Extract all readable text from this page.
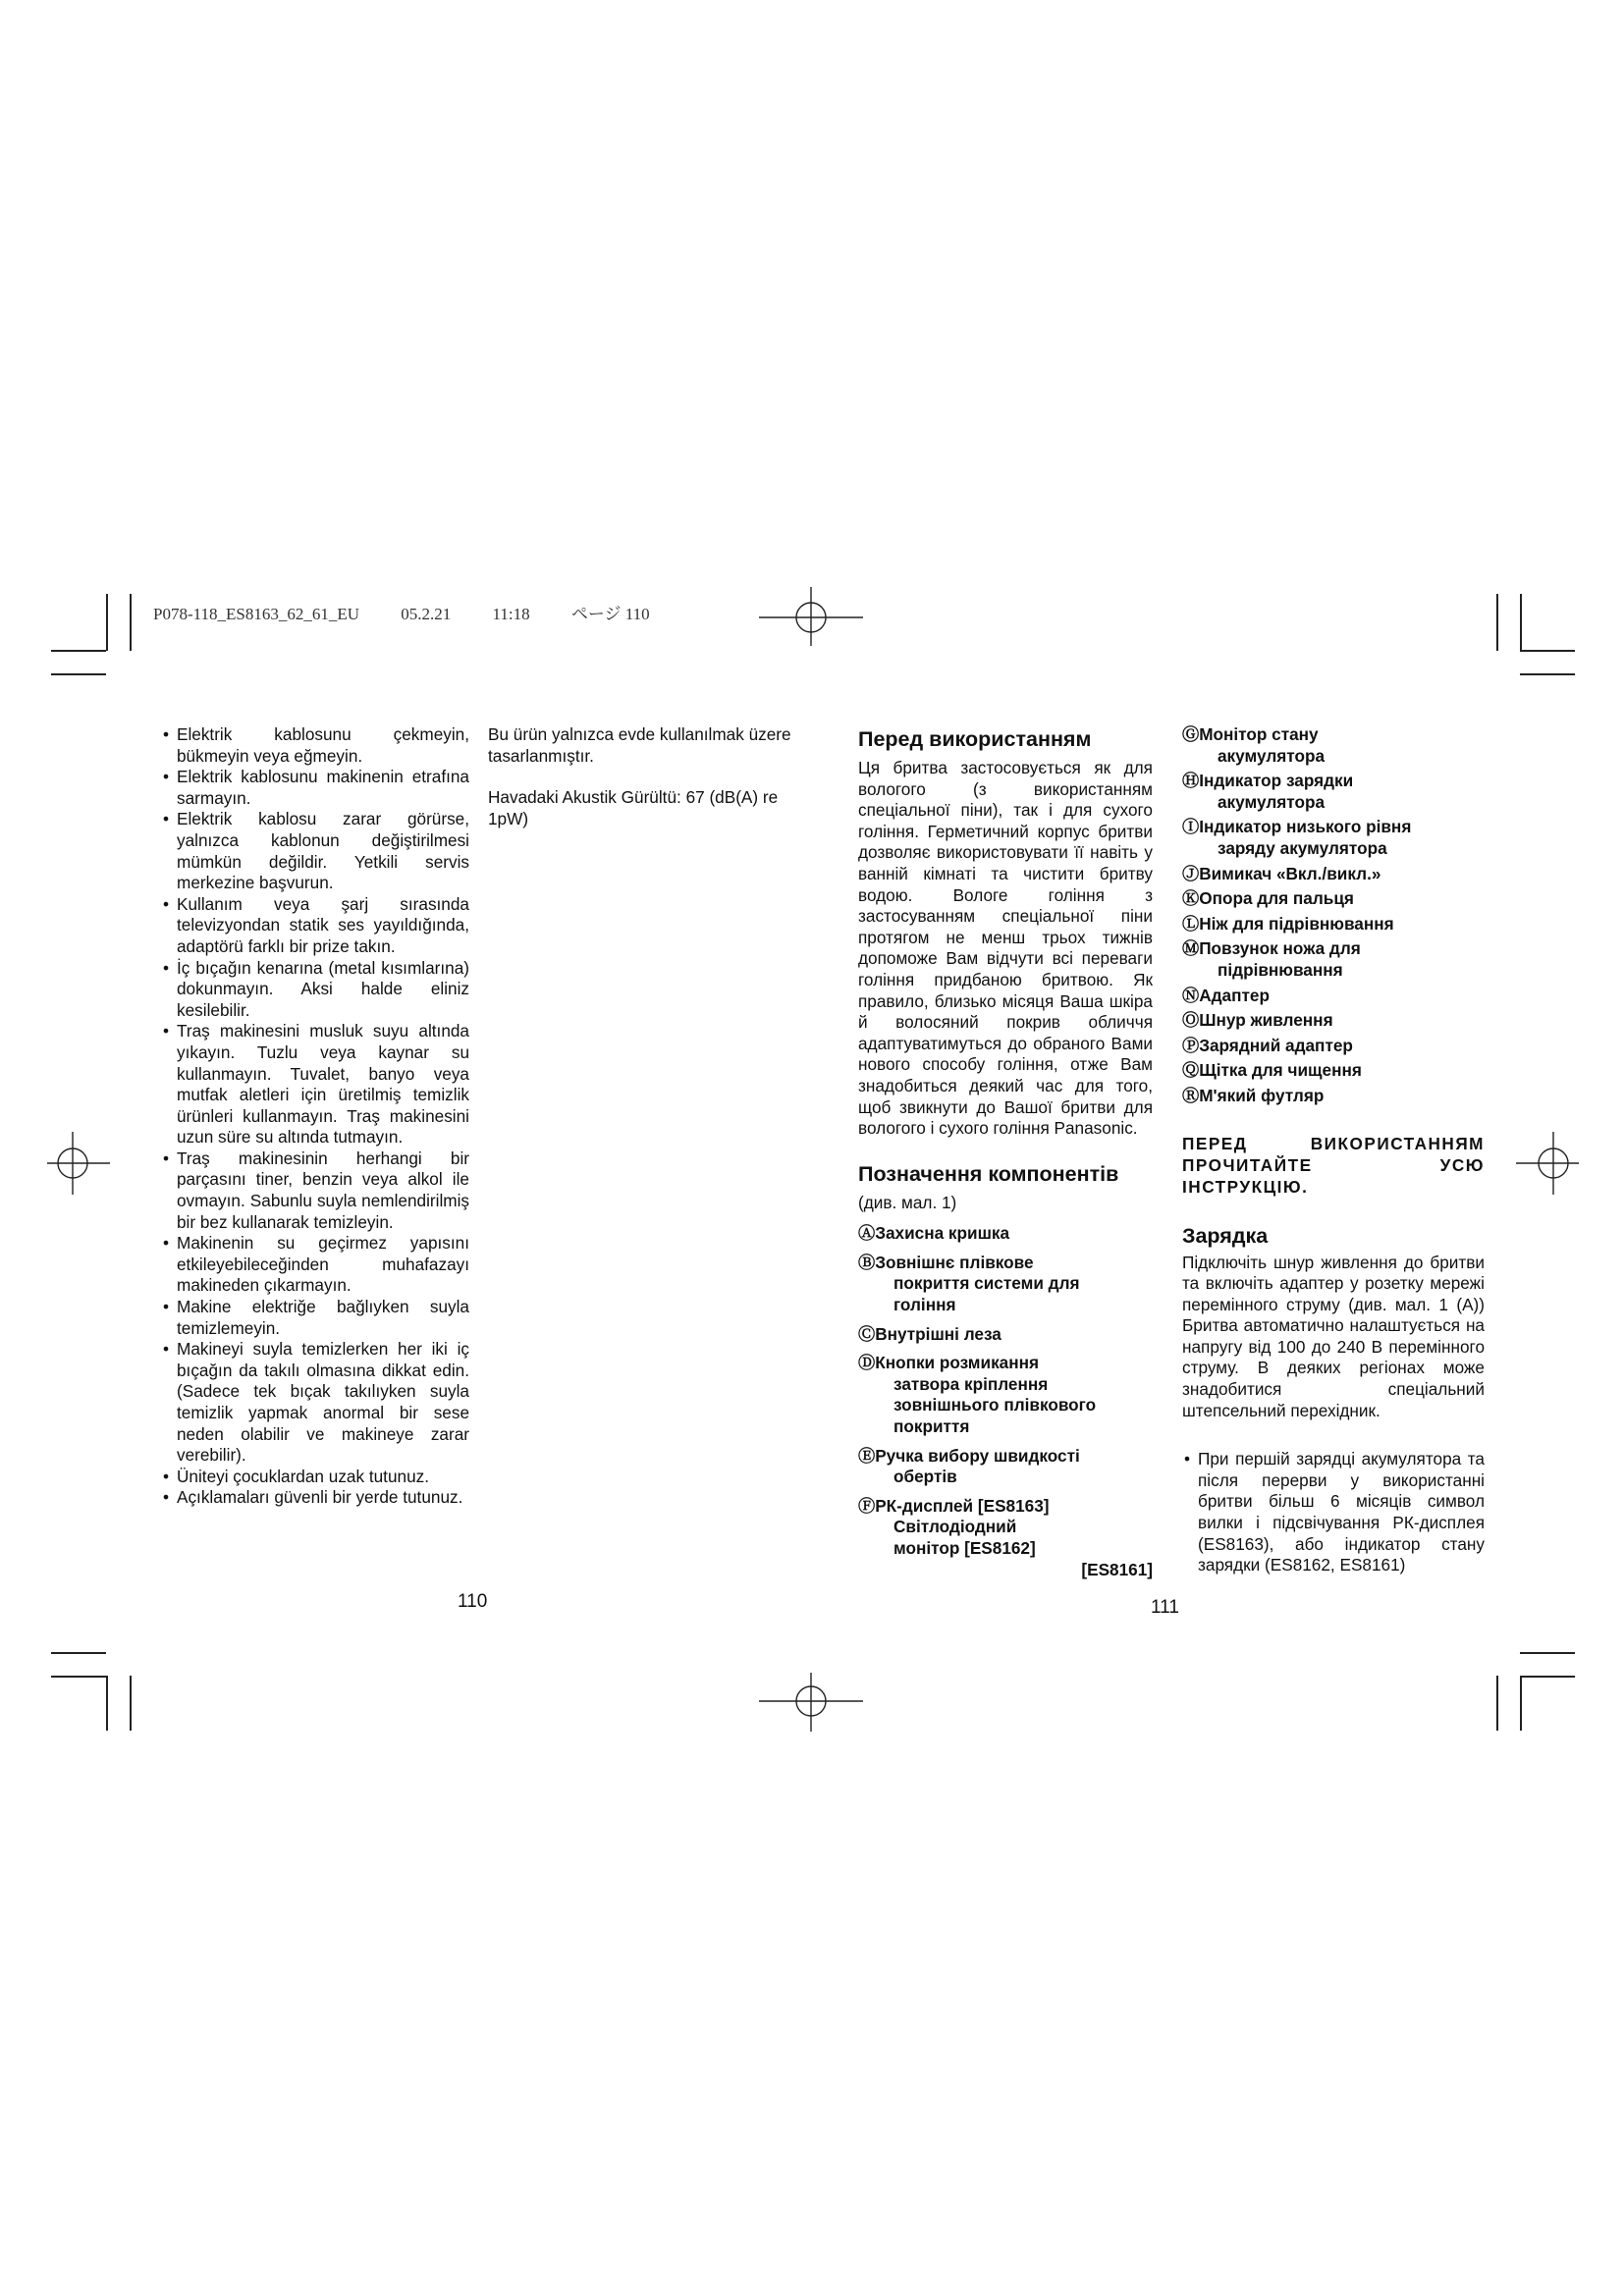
P078-118_ES8163_62_61_EU 05.2.21 11:18 ページ 110
• Elektrik kablosunu çekmeyin, bükmeyin veya eğmeyin.
• Elektrik kablosunu makinenin etrafına sarmayın.
• Elektrik kablosu zarar görürse, yalnızca kablonun değiştirilmesi mümkün değildir. Yetkili servis merkezine başvurun.
• Kullanım veya şarj sırasında televizyondan statik ses yayıldığında, adaptörü farklı bir prize takın.
• İç bıçağın kenarına (metal kısımlarına) dokunmayın. Aksi halde eliniz kesilebilir.
• Traş makinesini musluk suyu altında yıkayın. Tuzlu veya kaynar su kullanmayın. Tuvalet, banyo veya mutfak aletleri için üretilmiş temizlik ürünleri kullanmayın. Traş makinesini uzun süre su altında tutmayın.
• Traş makinesinin herhangi bir parçasını tiner, benzin veya alkol ile ovmayın. Sabunlu suyla nemlendirilmiş bir bez kullanarak temizleyin.
• Makinenin su geçirmez yapısını etkileyebileceğinden muhafazayı makineden çıkarmayın.
• Makine elektriğe bağlıyken suyla temizlemeyin.
• Makineyi suyla temizlerken her iki iç bıçağın da takılı olmasına dikkat edin. (Sadece tek bıçak takılıyken suyla temizlik yapmak anormal bir sese neden olabilir ve makineye zarar verebilir).
• Üniteyi çocuklardan uzak tutunuz.
• Açıklamaları güvenli bir yerde tutunuz.

Bu ürün yalnızca evde kullanılmak üzere tasarlanmıştır.

Havadaki Akustik Gürültü: 67 (dB(A) re 1pW)

110
Перед використанням

Ця бритва застосовується як для вологого (з використанням спеціальної піни), так і для сухого гоління. Герметичний корпус бритви дозволяє використовувати її навіть у ванній кімнаті та чистити бритву водою. Вологе гоління з застосуванням спеціальної піни протягом не менш трьох тижнів допоможе Вам відчути всі переваги гоління придбаною бритвою. Як правило, близько місяця Ваша шкіра й волосяний покрив обличчя адаптуватимуться до обраного Вами нового способу гоління, отже Вам знадобиться деякий час для того, щоб звикнути до Вашої бритви для вологого і сухого гоління Panasonic.

Позначення компонентів

(див. мал. 1)

ⒶЗахисна кришка
ⒷЗовнішнє плівкове
покриття системи для
гоління
ⒸВнутрішні леза
ⒹКнопки розмикання
затвора кріплення
зовнішнього плівкового
покриття
ⒺРучка вибору швидкості
обертів
ⒻРК-дисплей [ES8163]
Світлодіодний
монітор [ES8162]
[ES8161]
111
ⒼМонітор стану
акумулятора
ⒽІндикатор зарядки
акумулятора
ⒾІндикатор низького рівня
заряду акумулятора
ⒿВимикач «Вкл./викл.»
ⓀОпора для пальця
ⓁНіж для підрівнювання
ⓂПовзунок ножа для
підрівнювання
ⓃАдаптер
ⓄШнур живлення
ⓅЗарядний адаптер
ⓆЩітка для чищення
ⓇМ'який футляр

ПЕРЕД ВИКОРИСТАННЯМ ПРОЧИТАЙТЕ УСЮ ІНСТРУКЦІЮ.

Зарядка

Підключіть шнур живлення до бритви та включіть адаптер у розетку мережі перемінного струму (див. мал. 1 (A)) Бритва автоматично налаштується на напругу від 100 до 240 В перемінного струму. В деяких регіонах може знадобитися спеціальний штепсельний перехідник.

• При першій зарядці акумулятора та після перерви у використанні бритви більш 6 місяців символ вилки і підсвічування РК-дисплея (ES8163), або індикатор стану зарядки (ES8162, ES8161)
